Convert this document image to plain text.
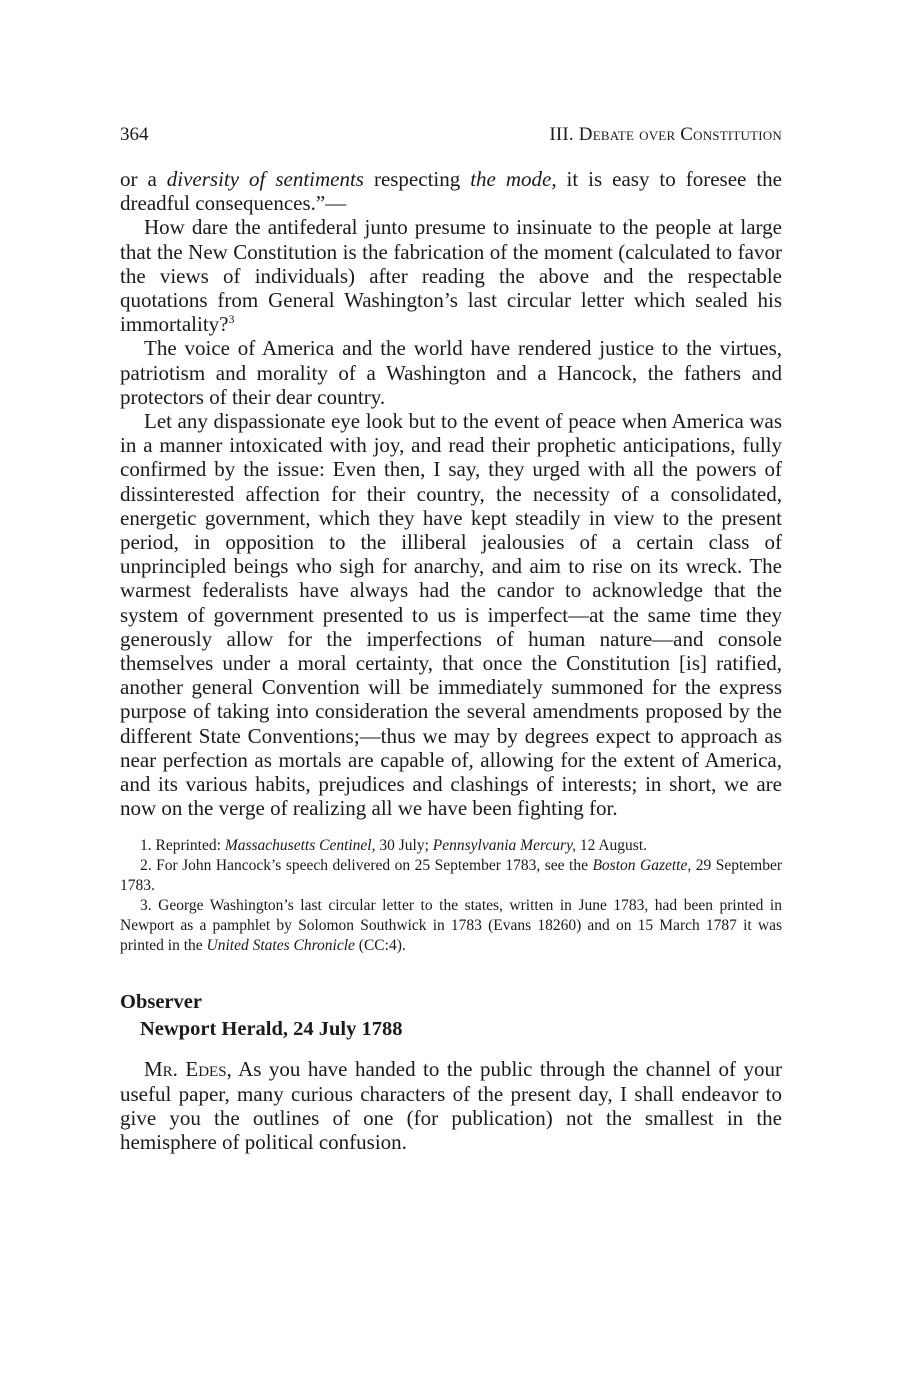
364	III. Debate over Constitution

or a diversity of sentiments respecting the mode, it is easy to foresee the dreadful consequences.”—

How dare the antifederal junto presume to insinuate to the people at large that the New Constitution is the fabrication of the moment (calculated to favor the views of individuals) after reading the above and the respectable quotations from General Washington’s last circular letter which sealed his immortality?$^3$

The voice of America and the world have rendered justice to the virtues, patriotism and morality of a Washington and a Hancock, the fathers and protectors of their dear country.

Let any dispassionate eye look but to the event of peace when America was in a manner intoxicated with joy, and read their prophetic anticipations, fully confirmed by the issue: Even then, I say, they urged with all the powers of dissinterested affection for their country, the necessity of a consolidated, energetic government, which they have kept steadily in view to the present period, in opposition to the illiberal jealousies of a certain class of unprincipled beings who sigh for anarchy, and aim to rise on its wreck. The warmest federalists have always had the candor to acknowledge that the system of government presented to us is imperfect—at the same time they generously allow for the imperfections of human nature—and console themselves under a moral certainty, that once the Constitution [is] ratified, another general Convention will be immediately summoned for the express purpose of taking into consideration the several amendments proposed by the different State Conventions;—thus we may by degrees expect to approach as near perfection as mortals are capable of, allowing for the extent of America, and its various habits, prejudices and clashings of interests; in short, we are now on the verge of realizing all we have been fighting for.

1. Reprinted: Massachusetts Centinel, 30 July; Pennsylvania Mercury, 12 August.

2. For John Hancock’s speech delivered on 25 September 1783, see the Boston Gazette, 29 September 1783.

3. George Washington’s last circular letter to the states, written in June 1783, had been printed in Newport as a pamphlet by Solomon Southwick in 1783 (Evans 18260) and on 15 March 1787 it was printed in the United States Chronicle (CC:4).

Observer
Newport Herald, 24 July 1788

Mr. Edes, As you have handed to the public through the channel of your useful paper, many curious characters of the present day, I shall endeavor to give you the outlines of one (for publication) not the smallest in the hemisphere of political confusion.
